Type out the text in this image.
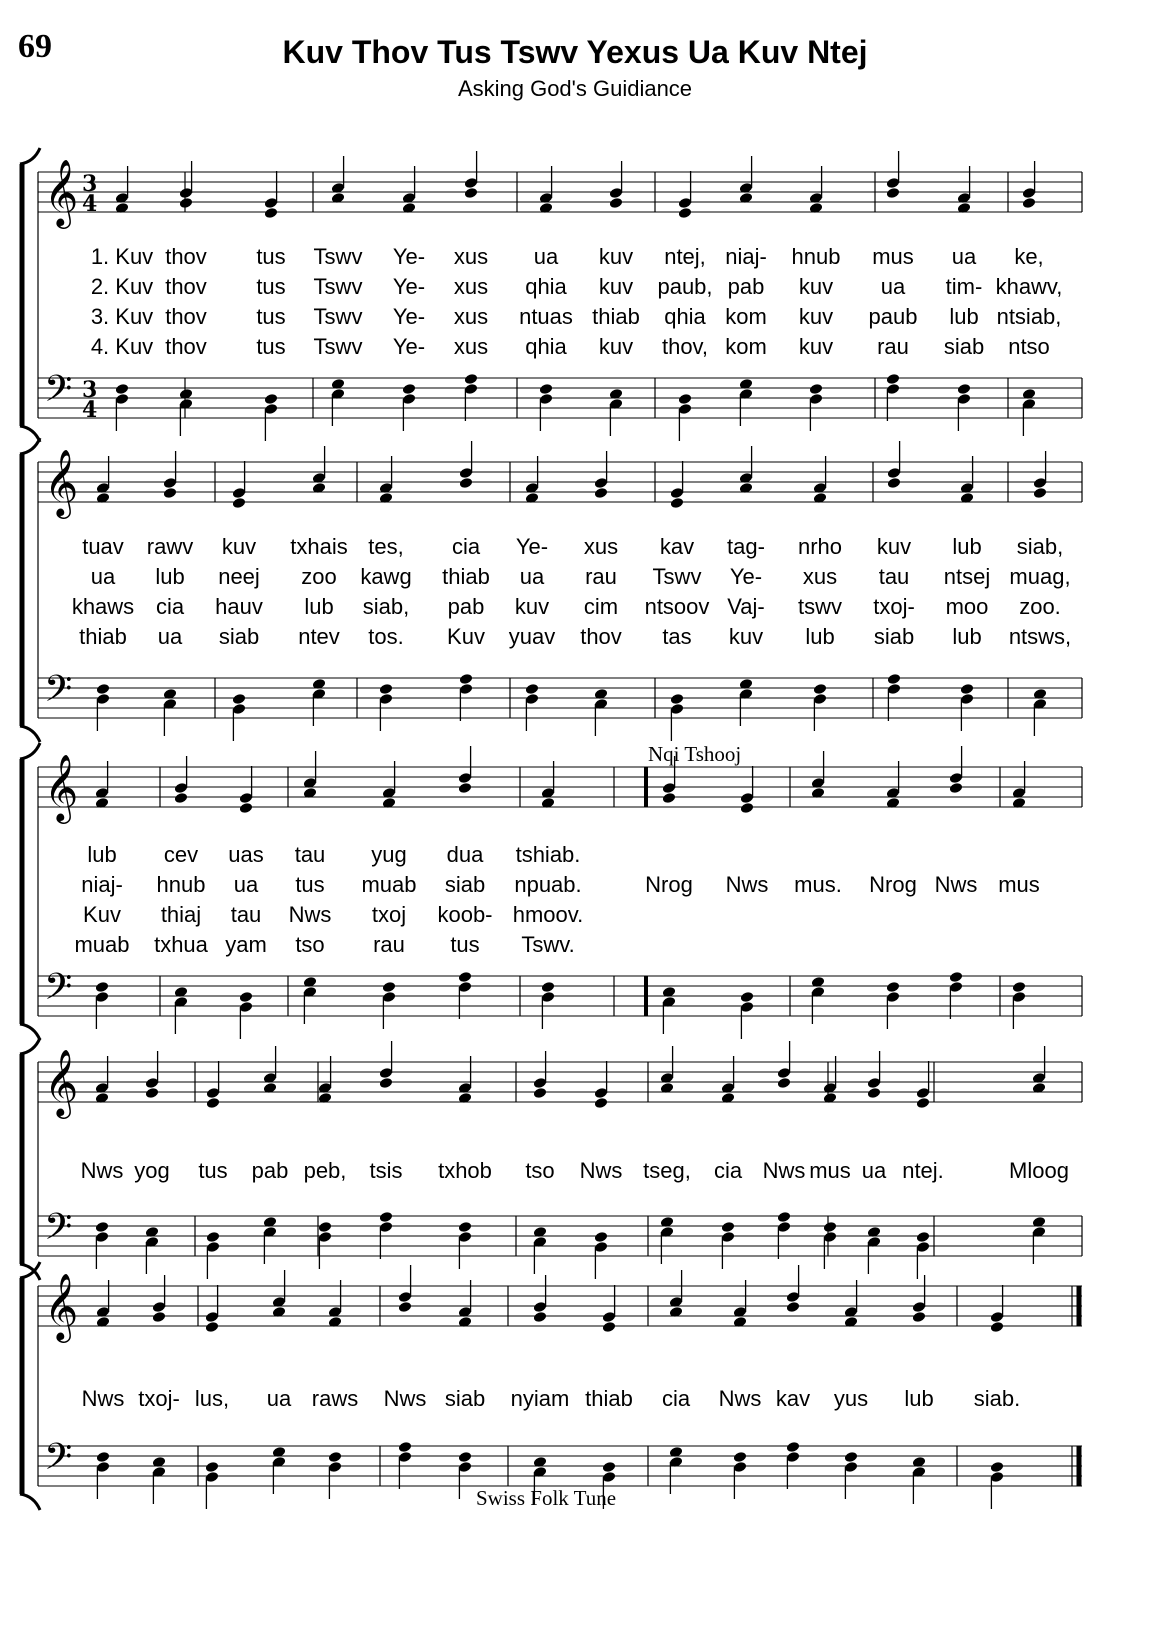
69	Kuv Thov Tus Tswv Yexus Ua Kuv Ntej
Asking God's Guidiance
𝄞 3
4
𝄢 3
4
𝄞
𝄢
𝄞
𝄢
𝄞
𝄢
𝄞
𝄢
Nqi Tshooj
Swiss Folk Tune
1. Kuv thov tus Tswv Ye- xus ua kuv ntej, niaj- hnub mus ua ke,
2. Kuv thov tus Tswv Ye- xus qhia kuv paub, pab kuv ua tim- khawv,
3. Kuv thov tus Tswv Ye- xus ntuas thiab qhia kom kuv paub lub ntsiab,
4. Kuv thov tus Tswv Ye- xus qhia kuv thov, kom kuv rau siab ntso
tuav rawv kuv txhais tes, cia Ye- xus kav tag- nrho kuv lub siab,
ua lub neej zoo kawg thiab ua rau Tswv Ye- xus tau ntsej muag,
khaws cia hauv lub siab, pab kuv cim ntsoov Vaj- tswv txoj- moo zoo.
thiab ua siab ntev tos. Kuv yuav thov tas kuv lub siab lub ntsws,
lub cev uas tau yug dua tshiab.
niaj- hnub ua tus muab siab npuab.	Nrog Nws mus. Nrog Nws mus
Kuv thiaj tau Nws txoj koob- hmoov.
muab txhua yam tso rau tus Tswv.
Nws yog tus pab peb, tsis txhob tso Nws tseg, cia Nws mus ua ntej.	Mloog
Nws txoj- lus, ua raws Nws siab nyiam thiab cia Nws kav yus lub siab.
